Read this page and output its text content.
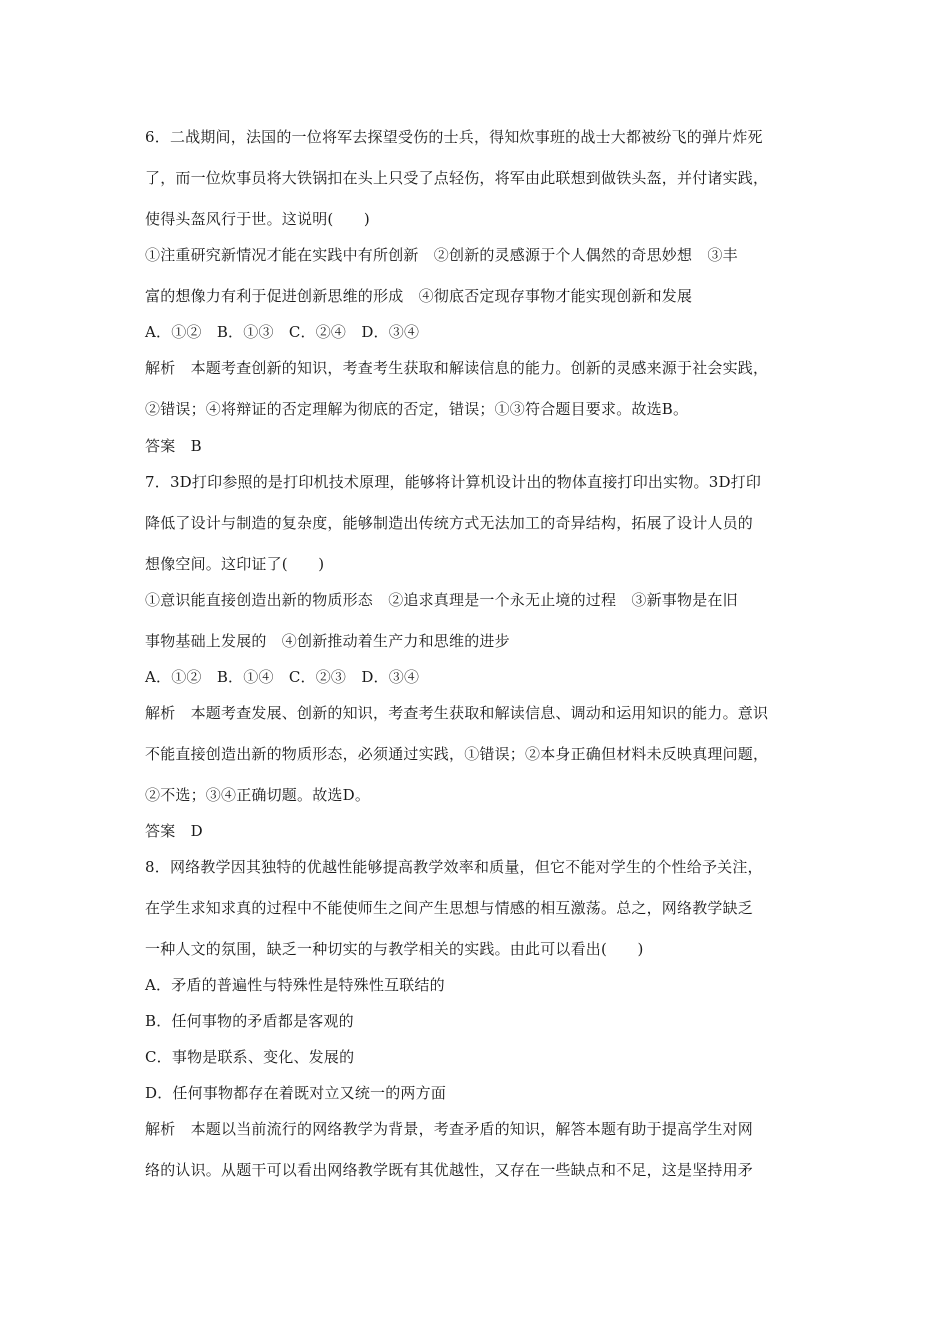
6．二战期间，法国的一位将军去探望受伤的士兵，得知炊事班的战士大都被纷飞的弹片炸死
了，而一位炊事员将大铁锅扣在头上只受了点轻伤，将军由此联想到做铁头盔，并付诸实践，
使得头盔风行于世。这说明(　　)
①注重研究新情况才能在实践中有所创新　②创新的灵感源于个人偶然的奇思妙想　③丰
富的想像力有利于促进创新思维的形成　④彻底否定现存事物才能实现创新和发展
A．①②　B．①③　C．②④　D．③④
解析　本题考查创新的知识，考查考生获取和解读信息的能力。创新的灵感来源于社会实践，
②错误；④将辩证的否定理解为彻底的否定，错误；①③符合题目要求。故选B。
答案　B
7．3D打印参照的是打印机技术原理，能够将计算机设计出的物体直接打印出实物。3D打印
降低了设计与制造的复杂度，能够制造出传统方式无法加工的奇异结构，拓展了设计人员的
想像空间。这印证了(　　)
①意识能直接创造出新的物质形态　②追求真理是一个永无止境的过程　③新事物是在旧
事物基础上发展的　④创新推动着生产力和思维的进步
A．①②　B．①④　C．②③　D．③④
解析　本题考查发展、创新的知识，考查考生获取和解读信息、调动和运用知识的能力。意识
不能直接创造出新的物质形态，必须通过实践，①错误；②本身正确但材料未反映真理问题，
②不选；③④正确切题。故选D。
答案　D
8．网络教学因其独特的优越性能够提高教学效率和质量，但它不能对学生的个性给予关注，
在学生求知求真的过程中不能使师生之间产生思想与情感的相互激荡。总之，网络教学缺乏
一种人文的氛围，缺乏一种切实的与教学相关的实践。由此可以看出(　　)
A．矛盾的普遍性与特殊性是特殊性互联结的
B．任何事物的矛盾都是客观的
C．事物是联系、变化、发展的
D．任何事物都存在着既对立又统一的两方面
解析　本题以当前流行的网络教学为背景，考查矛盾的知识，解答本题有助于提高学生对网
络的认识。从题干可以看出网络教学既有其优越性，又存在一些缺点和不足，这是坚持用矛
